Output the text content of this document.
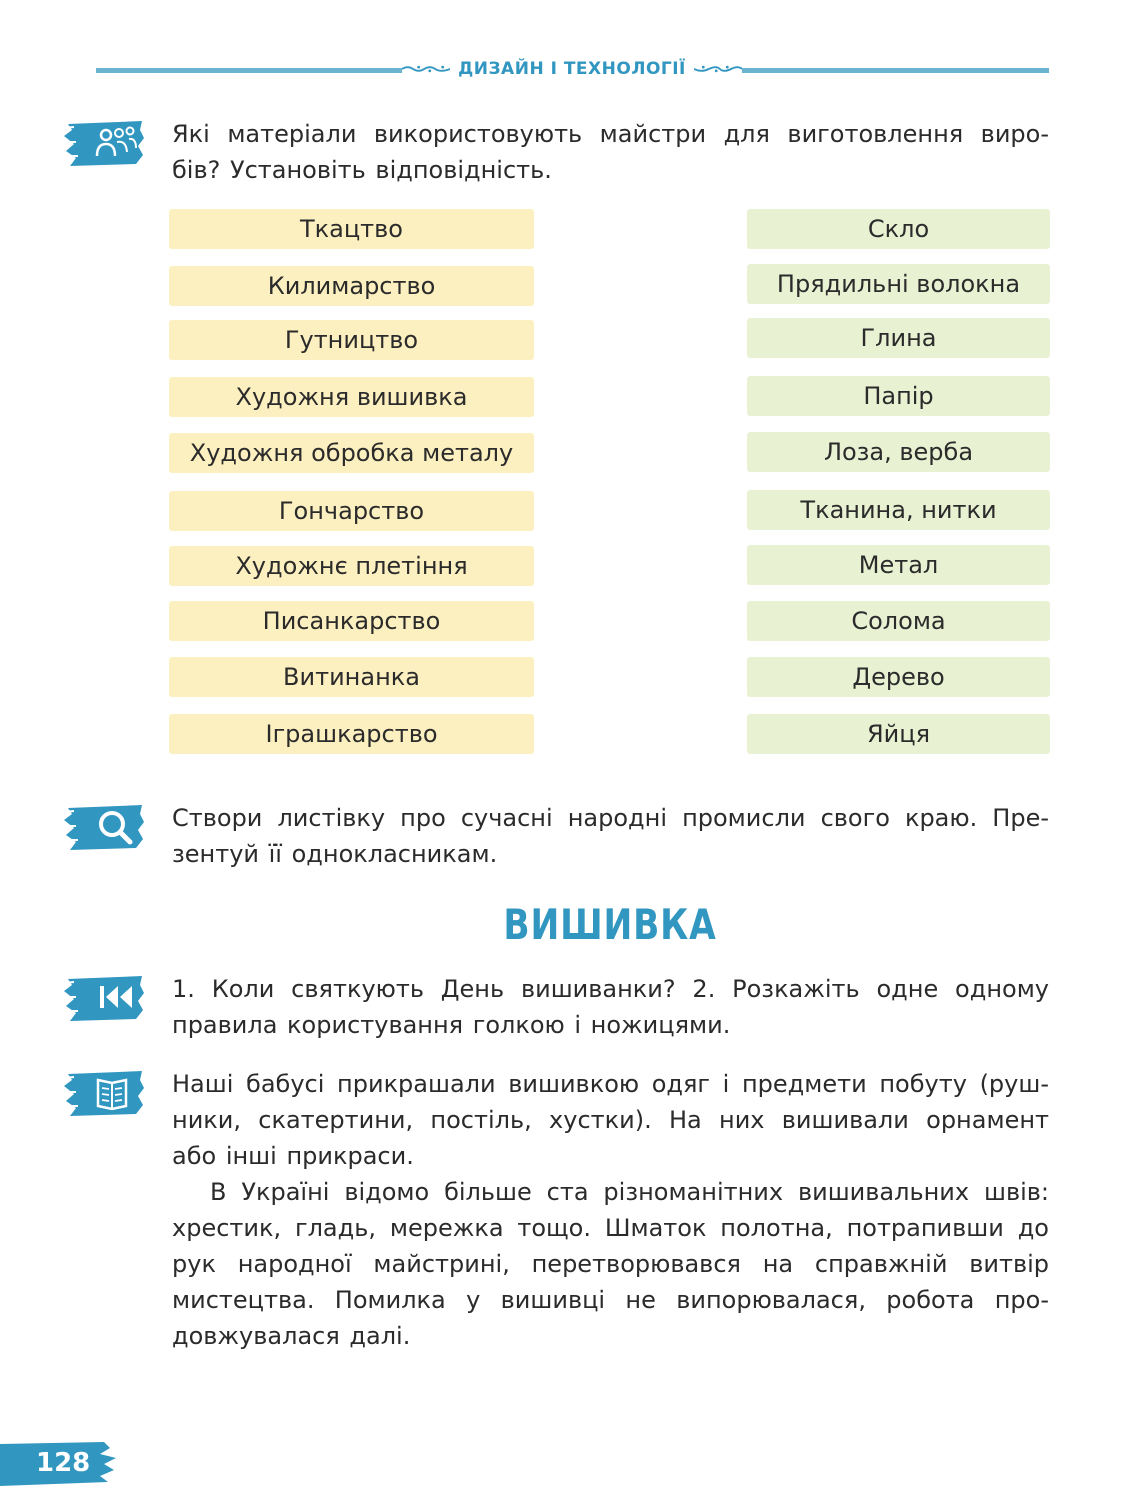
ДИЗАЙН І ТЕХНОЛОГІЇ
Які матеріали використовують майстри для виготовлення виро-
бів? Установіть відповідність.
Ткацтво
Килимарство
Гутництво
Художня вишивка
Художня обробка металу
Гончарство
Художнє плетіння
Писанкарство
Витинанка
Іграшкарство
Скло
Прядильні волокна
Глина
Папір
Лоза, верба
Тканина, нитки
Метал
Солома
Дерево
Яйця
Створи листівку про сучасні народні промисли свого краю. Пре-
зентуй її однокласникам.
ВИШИВКА
1. Коли святкують День вишиванки? 2. Розкажіть одне одному
правила користування голкою і ножицями.
Наші бабусі прикрашали вишивкою одяг і предмети побуту (руш-
ники, скатертини, постіль, хустки). На них вишивали орнамент
або інші прикраси.
В Україні відомо більше ста різноманітних вишивальних швів:
хрестик, гладь, мережка тощо. Шматок полотна, потрапивши до
рук народної майстрині, перетворювався на справжній витвір
мистецтва. Помилка у вишивці не випорювалася, робота про-
довжувалася далі.
128
